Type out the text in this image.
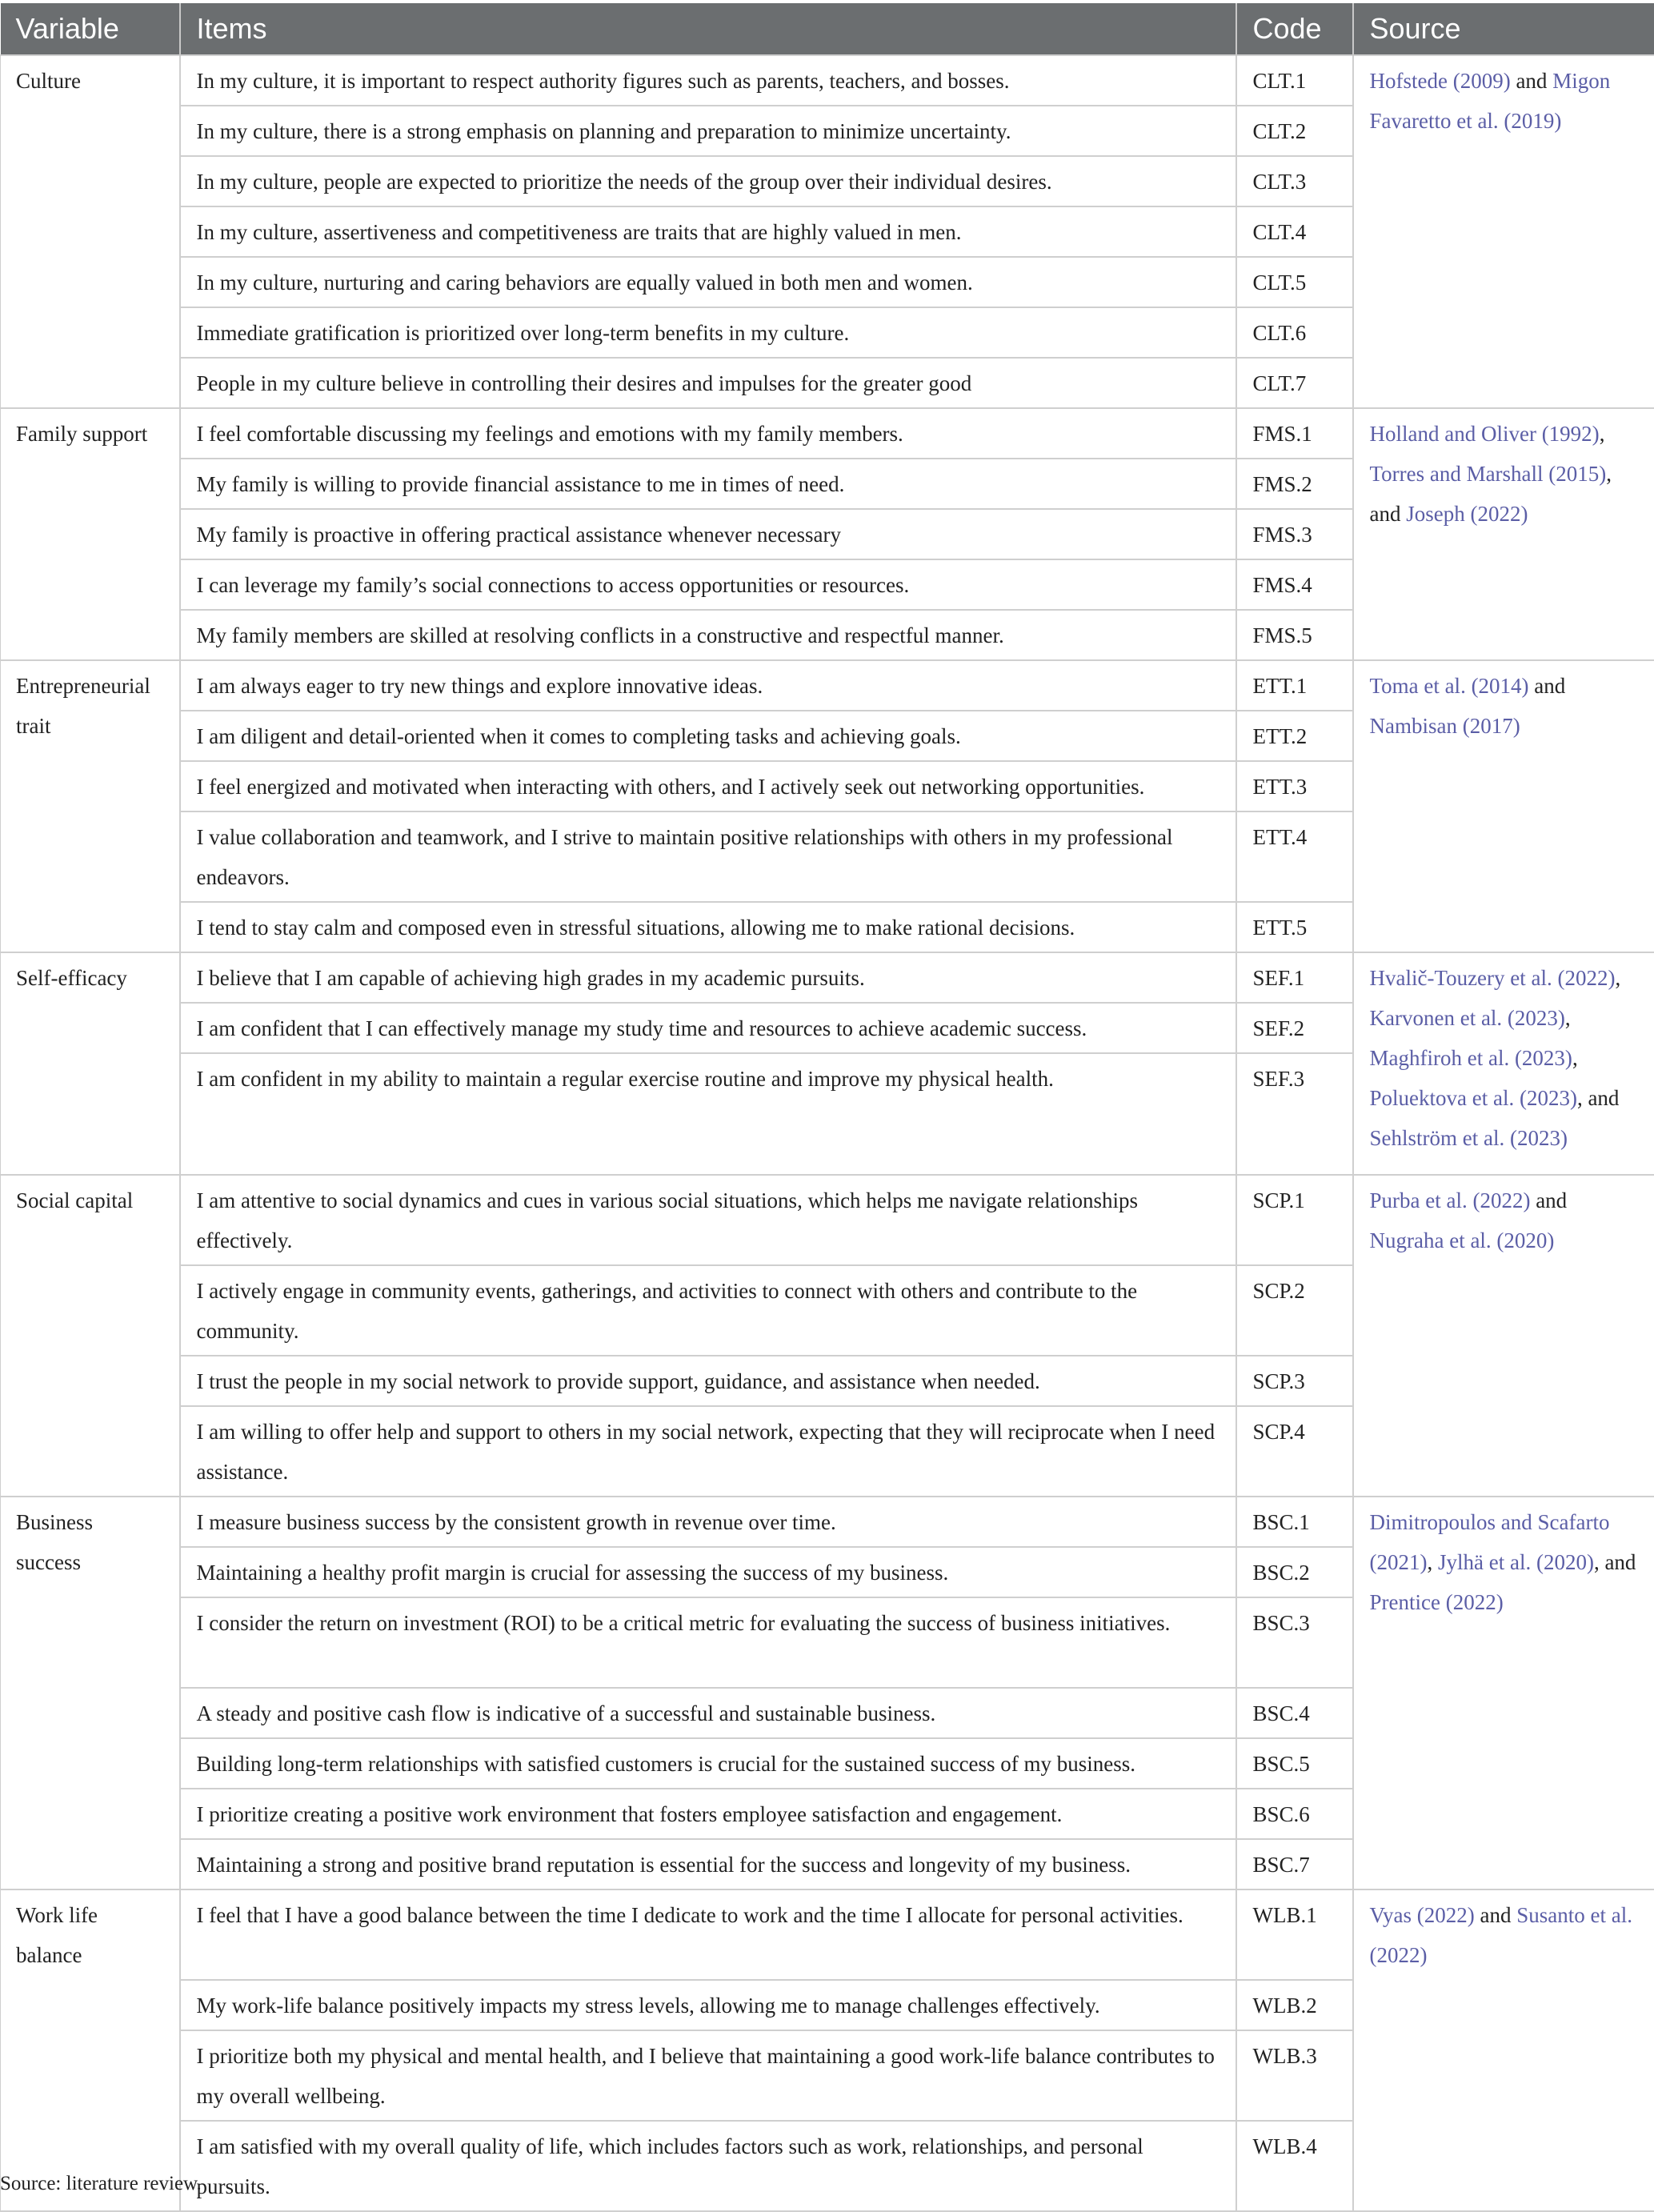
Variable	Items	Code	Source
Culture	In my culture, it is important to respect authority figures such as parents, teachers, and bosses.	CLT.1	Hofstede (2009) and Migon Favaretto et al. (2019)
	In my culture, there is a strong emphasis on planning and preparation to minimize uncertainty.	CLT.2	
	In my culture, people are expected to prioritize the needs of the group over their individual desires.	CLT.3	
	In my culture, assertiveness and competitiveness are traits that are highly valued in men.	CLT.4	
	In my culture, nurturing and caring behaviors are equally valued in both men and women.	CLT.5	
	Immediate gratification is prioritized over long-term benefits in my culture.	CLT.6	
	People in my culture believe in controlling their desires and impulses for the greater good	CLT.7	
Family support	I feel comfortable discussing my feelings and emotions with my family members.	FMS.1	Holland and Oliver (1992), Torres and Marshall (2015), and Joseph (2022)
	My family is willing to provide financial assistance to me in times of need.	FMS.2	
	My family is proactive in offering practical assistance whenever necessary	FMS.3	
	I can leverage my family’s social connections to access opportunities or resources.	FMS.4	
	My family members are skilled at resolving conflicts in a constructive and respectful manner.	FMS.5	
Entrepreneurial trait	I am always eager to try new things and explore innovative ideas.	ETT.1	Toma et al. (2014) and Nambisan (2017)
	I am diligent and detail-oriented when it comes to completing tasks and achieving goals.	ETT.2	
	I feel energized and motivated when interacting with others, and I actively seek out networking opportunities.	ETT.3	
	I value collaboration and teamwork, and I strive to maintain positive relationships with others in my professional endeavors.	ETT.4	
	I tend to stay calm and composed even in stressful situations, allowing me to make rational decisions.	ETT.5	
Self-efficacy	I believe that I am capable of achieving high grades in my academic pursuits.	SEF.1	Hvalič-Touzery et al. (2022), Karvonen et al. (2023), Maghfiroh et al. (2023), Poluektova et al. (2023), and Sehlström et al. (2023)
	I am confident that I can effectively manage my study time and resources to achieve academic success.	SEF.2	
	I am confident in my ability to maintain a regular exercise routine and improve my physical health.	SEF.3	
Social capital	I am attentive to social dynamics and cues in various social situations, which helps me navigate relationships effectively.	SCP.1	Purba et al. (2022) and Nugraha et al. (2020)
	I actively engage in community events, gatherings, and activities to connect with others and contribute to the community.	SCP.2	
	I trust the people in my social network to provide support, guidance, and assistance when needed.	SCP.3	
	I am willing to offer help and support to others in my social network, expecting that they will reciprocate when I need assistance.	SCP.4	
Business success	I measure business success by the consistent growth in revenue over time.	BSC.1	Dimitropoulos and Scafarto (2021), Jylhä et al. (2020), and Prentice (2022)
	Maintaining a healthy profit margin is crucial for assessing the success of my business.	BSC.2	
	I consider the return on investment (ROI) to be a critical metric for evaluating the success of business initiatives.	BSC.3	
	A steady and positive cash flow is indicative of a successful and sustainable business.	BSC.4	
	Building long-term relationships with satisfied customers is crucial for the sustained success of my business.	BSC.5	
	I prioritize creating a positive work environment that fosters employee satisfaction and engagement.	BSC.6	
	Maintaining a strong and positive brand reputation is essential for the success and longevity of my business.	BSC.7	
Work life balance	I feel that I have a good balance between the time I dedicate to work and the time I allocate for personal activities.	WLB.1	Vyas (2022) and Susanto et al. (2022)
	My work-life balance positively impacts my stress levels, allowing me to manage challenges effectively.	WLB.2	
	I prioritize both my physical and mental health, and I believe that maintaining a good work-life balance contributes to my overall wellbeing.	WLB.3	
	I am satisfied with my overall quality of life, which includes factors such as work, relationships, and personal pursuits.	WLB.4	
Source: literature review.
